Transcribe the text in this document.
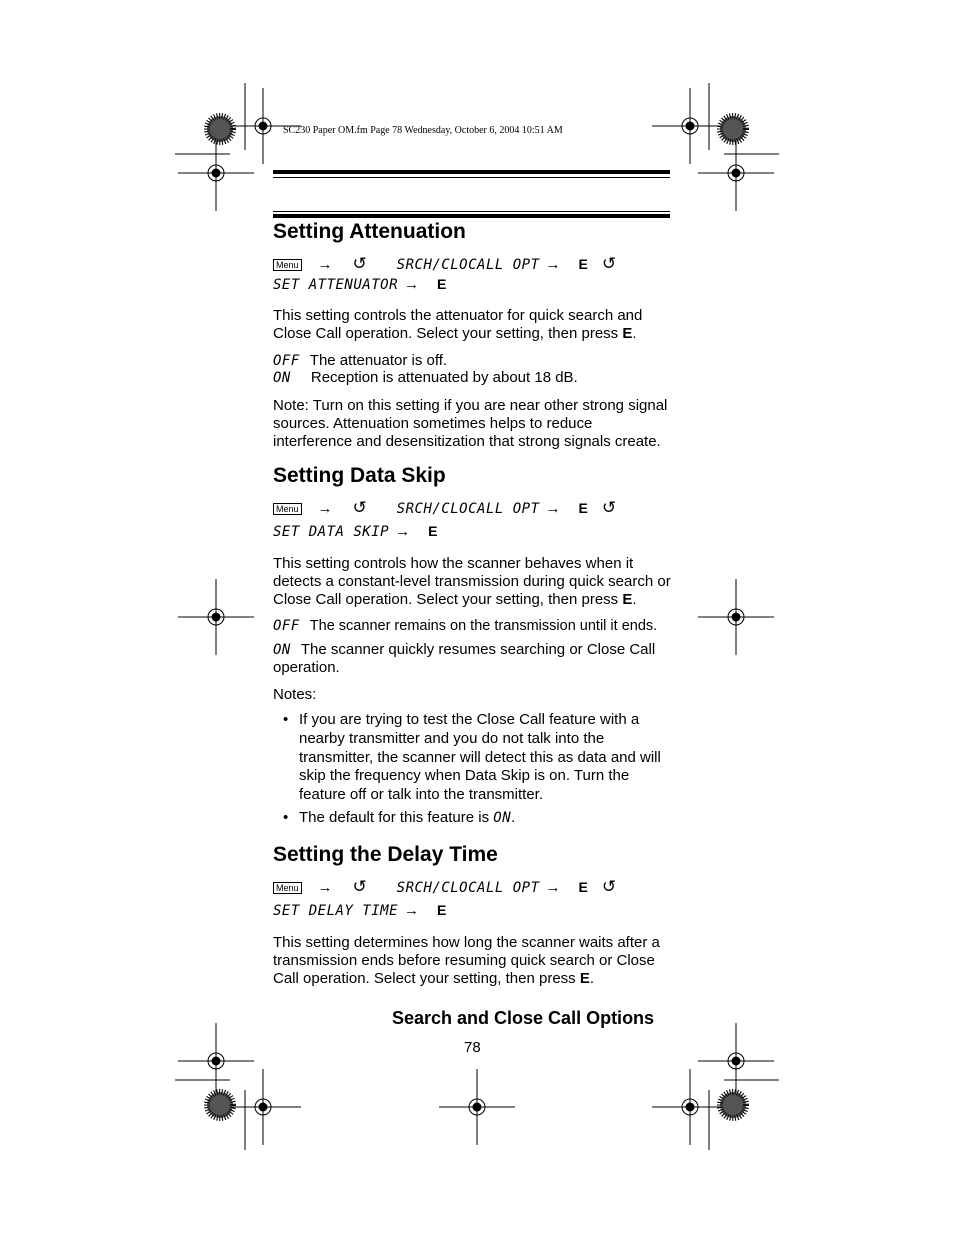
SC230 Paper OM.fm Page 78 Wednesday, October 6, 2004 10:51 AM
Setting Attenuation
Menu → ↺ SRCH/CLOCALL OPT → E ↺
SET ATTENUATOR → E
This setting controls the attenuator for quick search and Close Call operation. Select your setting, then press E.
OFF The attenuator is off.
ON Reception is attenuated by about 18 dB.
Note: Turn on this setting if you are near other strong signal sources. Attenuation sometimes helps to reduce interference and desensitization that strong signals create.
Setting Data Skip
Menu → ↺ SRCH/CLOCALL OPT → E ↺
SET DATA SKIP → E
This setting controls how the scanner behaves when it detects a constant-level transmission during quick search or Close Call operation. Select your setting, then press E.
OFF The scanner remains on the transmission until it ends.
ON The scanner quickly resumes searching or Close Call operation.
Notes:
• If you are trying to test the Close Call feature with a nearby transmitter and you do not talk into the transmitter, the scanner will detect this as data and will skip the frequency when Data Skip is on. Turn the feature off or talk into the transmitter.
• The default for this feature is ON.
Setting the Delay Time
Menu → ↺ SRCH/CLOCALL OPT → E ↺
SET DELAY TIME → E
This setting determines how long the scanner waits after a transmission ends before resuming quick search or Close Call operation. Select your setting, then press E.
Search and Close Call Options
78
